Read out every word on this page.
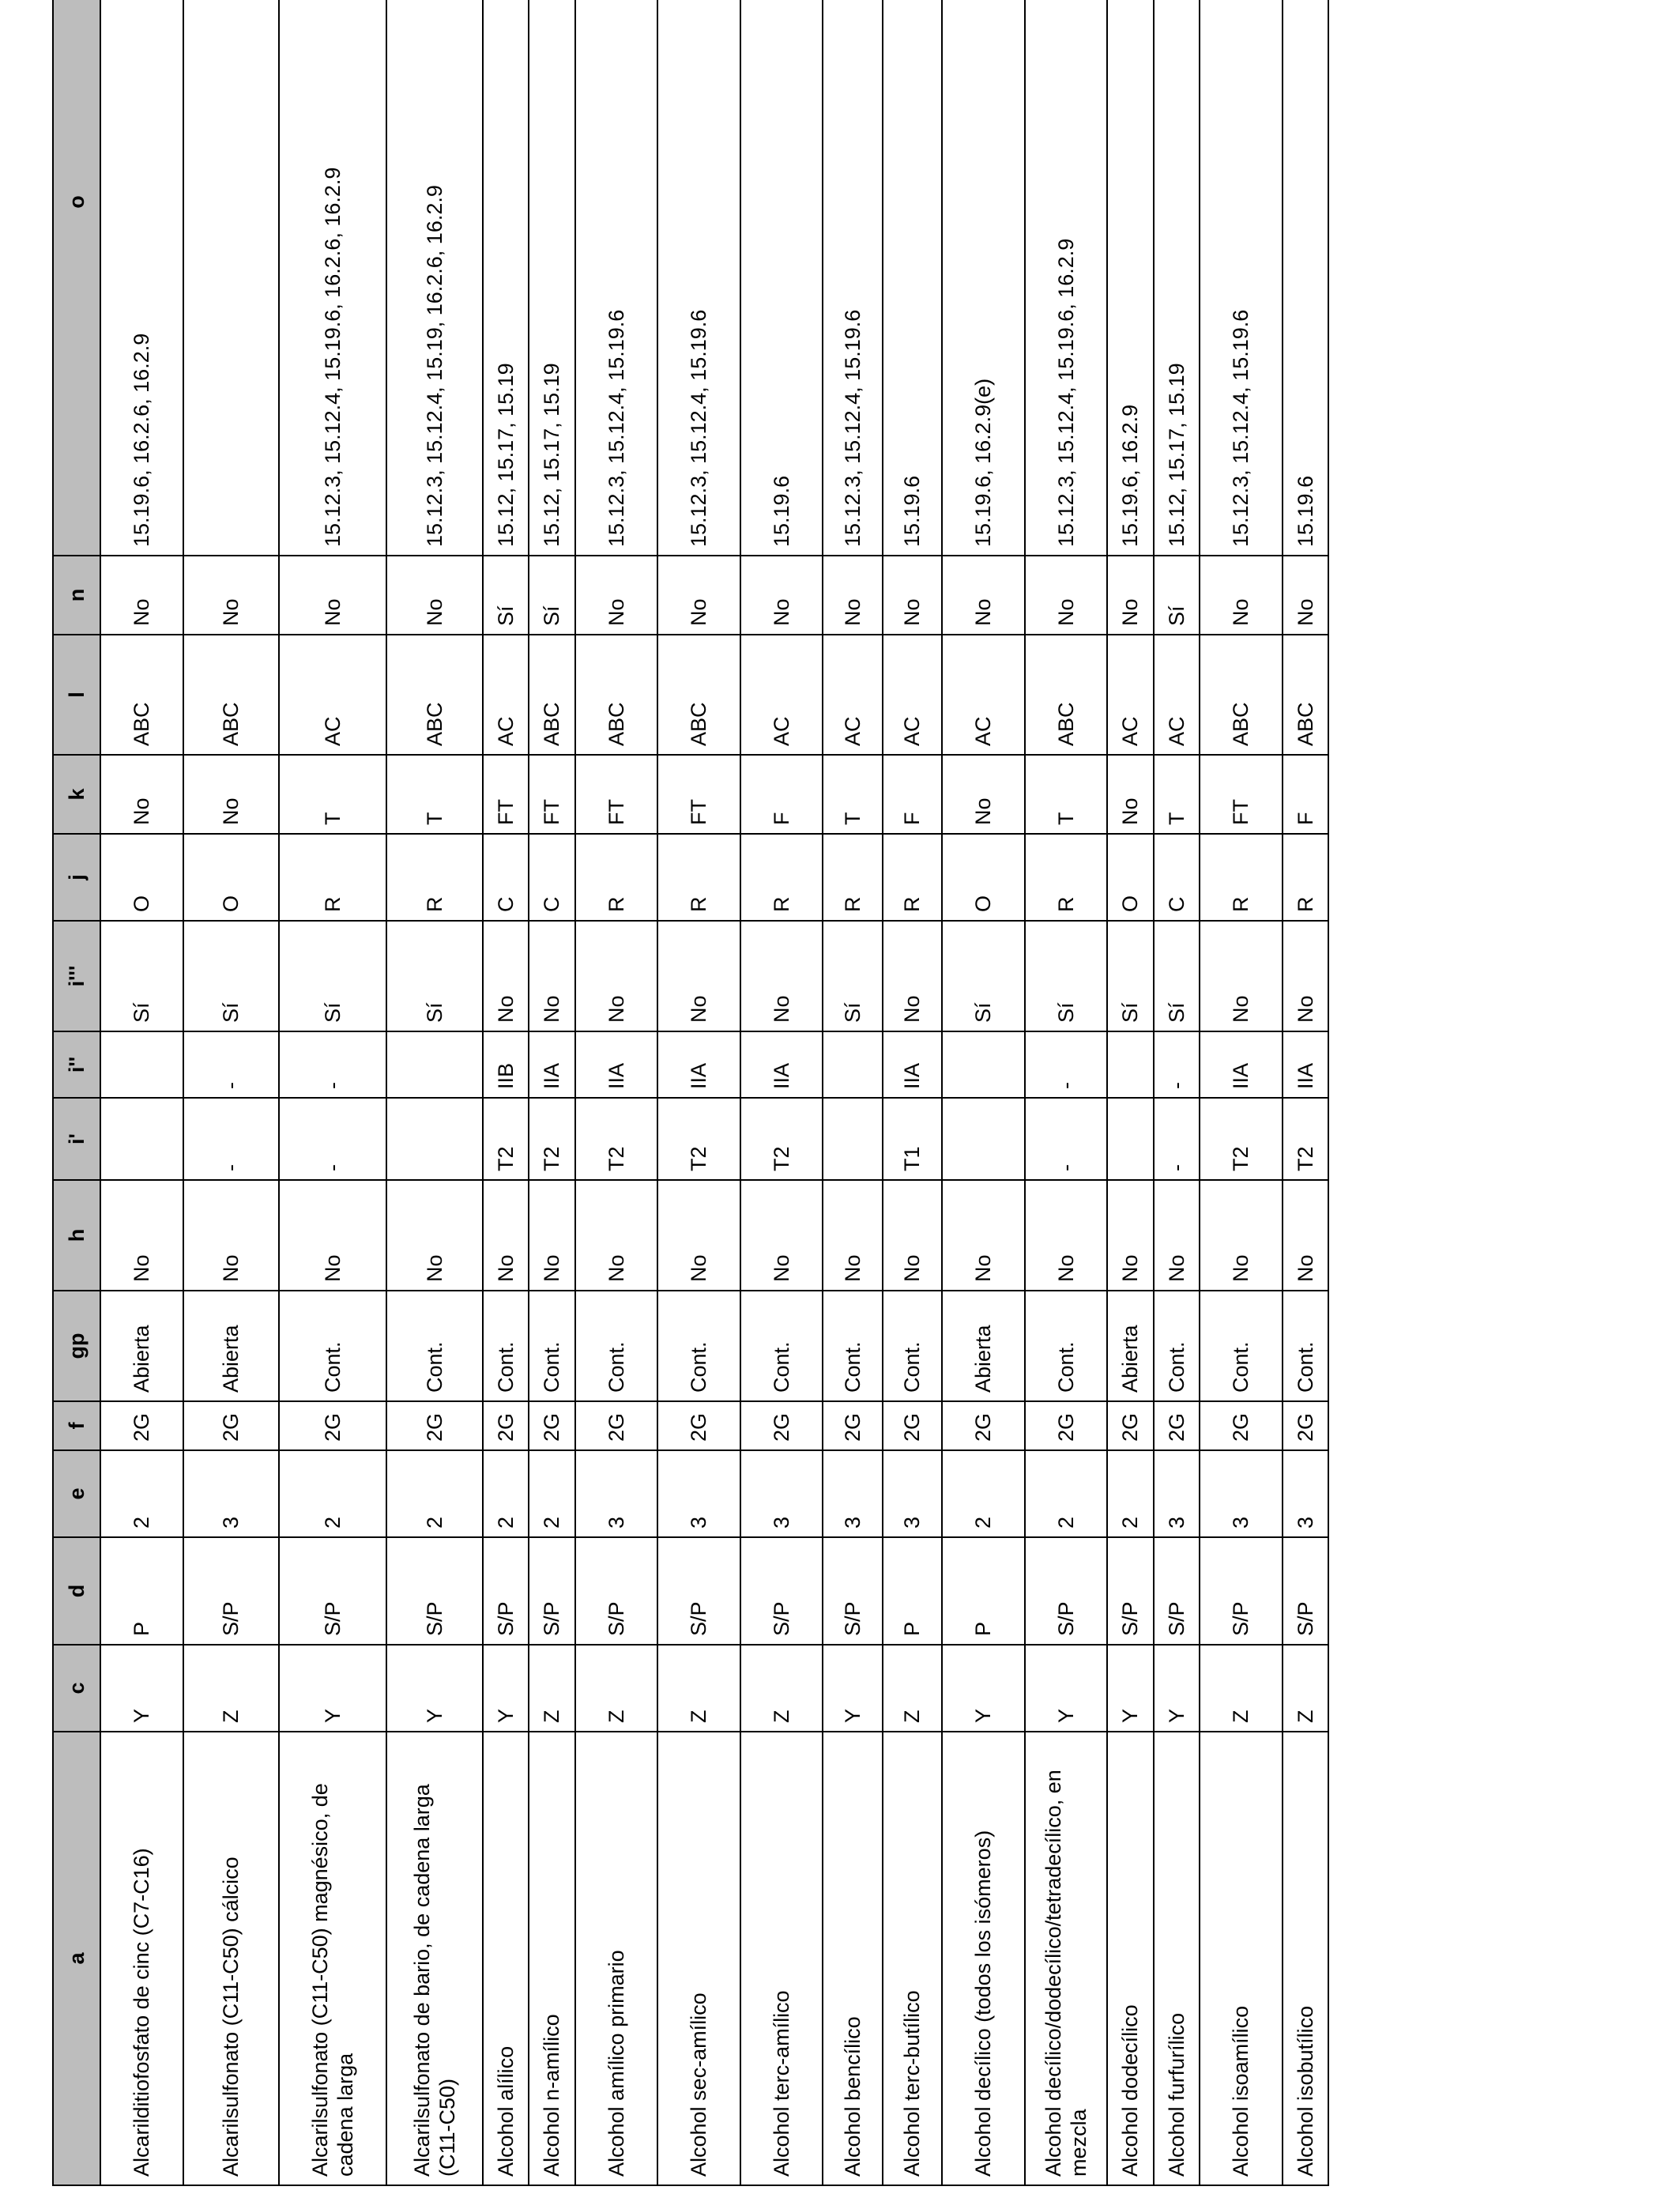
a	c	d	e	f	gp	h	i'	i''	i'''	j	k	l	n	o
Alcarilditiofosfato de cinc (C7-C16)	Y	P	2	2G	Abierta	No			Sí	O	No	ABC	No	15.19.6, 16.2.6, 16.2.9
Alcarilsulfonato (C11-C50) cálcico	Z	S/P	3	2G	Abierta	No	-	-	Sí	O	No	ABC	No	
Alcarilsulfonato (C11-C50) magnésico, de cadena larga	Y	S/P	2	2G	Cont.	No	-	-	Sí	R	T	AC	No	15.12.3, 15.12.4, 15.19.6, 16.2.6, 16.2.9
Alcarilsulfonato de bario, de cadena larga (C11-C50)	Y	S/P	2	2G	Cont.	No			Sí	R	T	ABC	No	15.12.3, 15.12.4, 15.19, 16.2.6, 16.2.9
Alcohol alílico	Y	S/P	2	2G	Cont.	No	T2	IIB	No	C	FT	AC	Sí	15.12, 15.17, 15.19
Alcohol n-amílico	Z	S/P	2	2G	Cont.	No	T2	IIA	No	C	FT	ABC	Sí	15.12, 15.17, 15.19
Alcohol amílico primario	Z	S/P	3	2G	Cont.	No	T2	IIA	No	R	FT	ABC	No	15.12.3, 15.12.4, 15.19.6
Alcohol sec-amílico	Z	S/P	3	2G	Cont.	No	T2	IIA	No	R	FT	ABC	No	15.12.3, 15.12.4, 15.19.6
Alcohol terc-amílico	Z	S/P	3	2G	Cont.	No	T2	IIA	No	R	F	AC	No	15.19.6
Alcohol bencílico	Y	S/P	3	2G	Cont.	No			Sí	R	T	AC	No	15.12.3, 15.12.4, 15.19.6
Alcohol terc-butílico	Z	P	3	2G	Cont.	No	T1	IIA	No	R	F	AC	No	15.19.6
Alcohol decílico (todos los isómeros)	Y	P	2	2G	Abierta	No			Sí	O	No	AC	No	15.19.6, 16.2.9(e)
Alcohol decílico/dodecílico/tetradecílico, en mezcla	Y	S/P	2	2G	Cont.	No	-	-	Sí	R	T	ABC	No	15.12.3, 15.12.4, 15.19.6, 16.2.9
Alcohol dodecílico	Y	S/P	2	2G	Abierta	No			Sí	O	No	AC	No	15.19.6, 16.2.9
Alcohol furfurílico	Y	S/P	3	2G	Cont.	No	-	-	Sí	C	T	AC	Sí	15.12, 15.17, 15.19
Alcohol isoamílico	Z	S/P	3	2G	Cont.	No	T2	IIA	No	R	FT	ABC	No	15.12.3, 15.12.4, 15.19.6
Alcohol isobutílico	Z	S/P	3	2G	Cont.	No	T2	IIA	No	R	F	ABC	No	15.19.6
